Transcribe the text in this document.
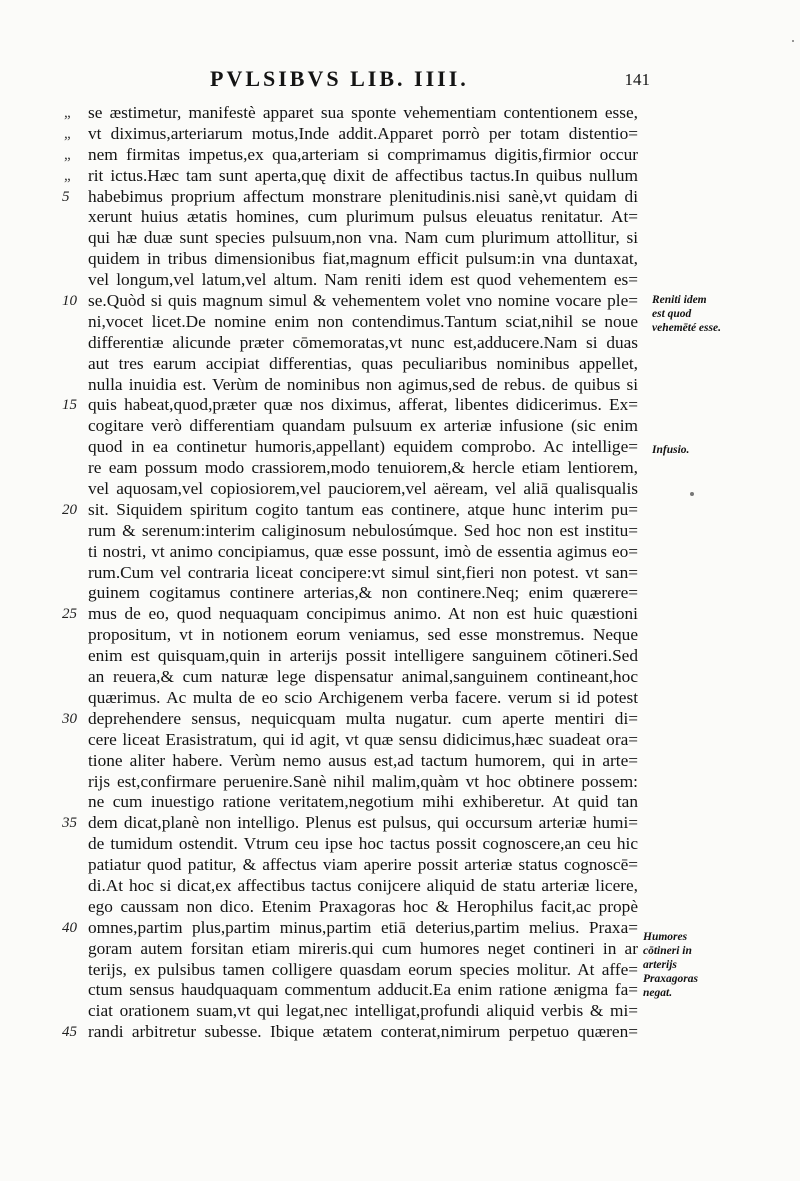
PVLSIBVS LIB. IIII.	141
„ se æstimetur, manifestè apparet sua sponte vehementiam contentionem esse,
„ vt diximus,arteriarum motus,Inde addit.Apparet porrò per totam distentio=
„ nem firmitas impetus,ex qua,arteriam si comprimamus digitis,firmior occur
„ rit ictus.Hæc tam sunt aperta,quę dixit de affectibus tactus.In quibus nullum
5 habebimus proprium affectum monstrare plenitudinis.nisi sanè,vt quidam di
xerunt huius ætatis homines, cum plurimum pulsus eleuatus renitatur. At=
qui hæ duæ sunt species pulsuum,non vna. Nam cum plurimum attollitur, si
quidem in tribus dimensionibus fiat,magnum efficit pulsum:in vna duntaxat,
vel longum,vel latum,vel altum. Nam reniti idem est quod vehementem es=
10 se.Quòd si quis magnum simul & vehementem volet vno nomine vocare ple=
ni,vocet licet.De nomine enim non contendimus.Tantum sciat,nihil se noue
differentiæ alicunde præter cōmemoratas,vt nunc est,adducere.Nam si duas
aut tres earum accipiat differentias, quas peculiaribus nominibus appellet,
nulla inuidia est. Verùm de nominibus non agimus,sed de rebus. de quibus si
15 quis habeat,quod,præter quæ nos diximus, afferat, libentes didicerimus. Ex=
cogitare verò differentiam quandam pulsuum ex arteriæ infusione (sic enim
quod in ea continetur humoris,appellant) equidem comprobo. Ac intellige=
re eam possum modo crassiorem,modo tenuiorem,& hercle etiam lentiorem,
vel aquosam,vel copiosiorem,vel pauciorem,vel aëream, vel aliā qualisqualis
20 sit. Siquidem spiritum cogito tantum eas continere, atque hunc interim pu=
rum & serenum:interim caliginosum nebulosúmque. Sed hoc non est institu=
ti nostri, vt animo concipiamus, quæ esse possunt, imò de essentia agimus eo=
rum.Cum vel contraria liceat concipere:vt simul sint,fieri non potest. vt san=
guinem cogitamus continere arterias,& non continere.Neq; enim quærere=
25 mus de eo, quod nequaquam concipimus animo. At non est huic quæstioni
propositum, vt in notionem eorum veniamus, sed esse monstremus. Neque
enim est quisquam,quin in arterijs possit intelligere sanguinem cōtineri.Sed
an reuera,& cum naturæ lege dispensatur animal,sanguinem contineant,hoc
quærimus. Ac multa de eo scio Archigenem verba facere. verum si id potest
30 deprehendere sensus, nequicquam multa nugatur. cum aperte mentiri di=
cere liceat Erasistratum, qui id agit, vt quæ sensu didicimus,hæc suadeat ora=
tione aliter habere. Verùm nemo ausus est,ad tactum humorem, qui in arte=
rijs est,confirmare peruenire.Sanè nihil malim,quàm vt hoc obtinere possem:
ne cum inuestigo ratione veritatem,negotium mihi exhiberetur. At quid tan
35 dem dicat,planè non intelligo. Plenus est pulsus, qui occursum arteriæ humi=
de tumidum ostendit. Vtrum ceu ipse hoc tactus possit cognoscere,an ceu hic
patiatur quod patitur, & affectus viam aperire possit arteriæ status cognoscē=
di.At hoc si dicat,ex affectibus tactus conijcere aliquid de statu arteriæ licere,
ego caussam non dico. Etenim Praxagoras hoc & Herophilus facit,ac propè
40 omnes,partim plus,partim minus,partim etiā deterius,partim melius. Praxa=
goram autem forsitan etiam mireris.qui cum humores neget contineri in ar
terijs, ex pulsibus tamen colligere quasdam eorum species molitur. At affe=
ctum sensus haudquaquam commentum adducit.Ea enim ratione ænigma fa=
ciat orationem suam,vt qui legat,nec intelligat,profundi aliquid verbis & mi=
45 randi arbitretur subesse. Ibique ætatem conterat,nimirum perpetuo quæren=
Reniti idem est quod vehemēté esse.
Infusio.
Humores cōtineri in arterijs Praxagoras negat.
